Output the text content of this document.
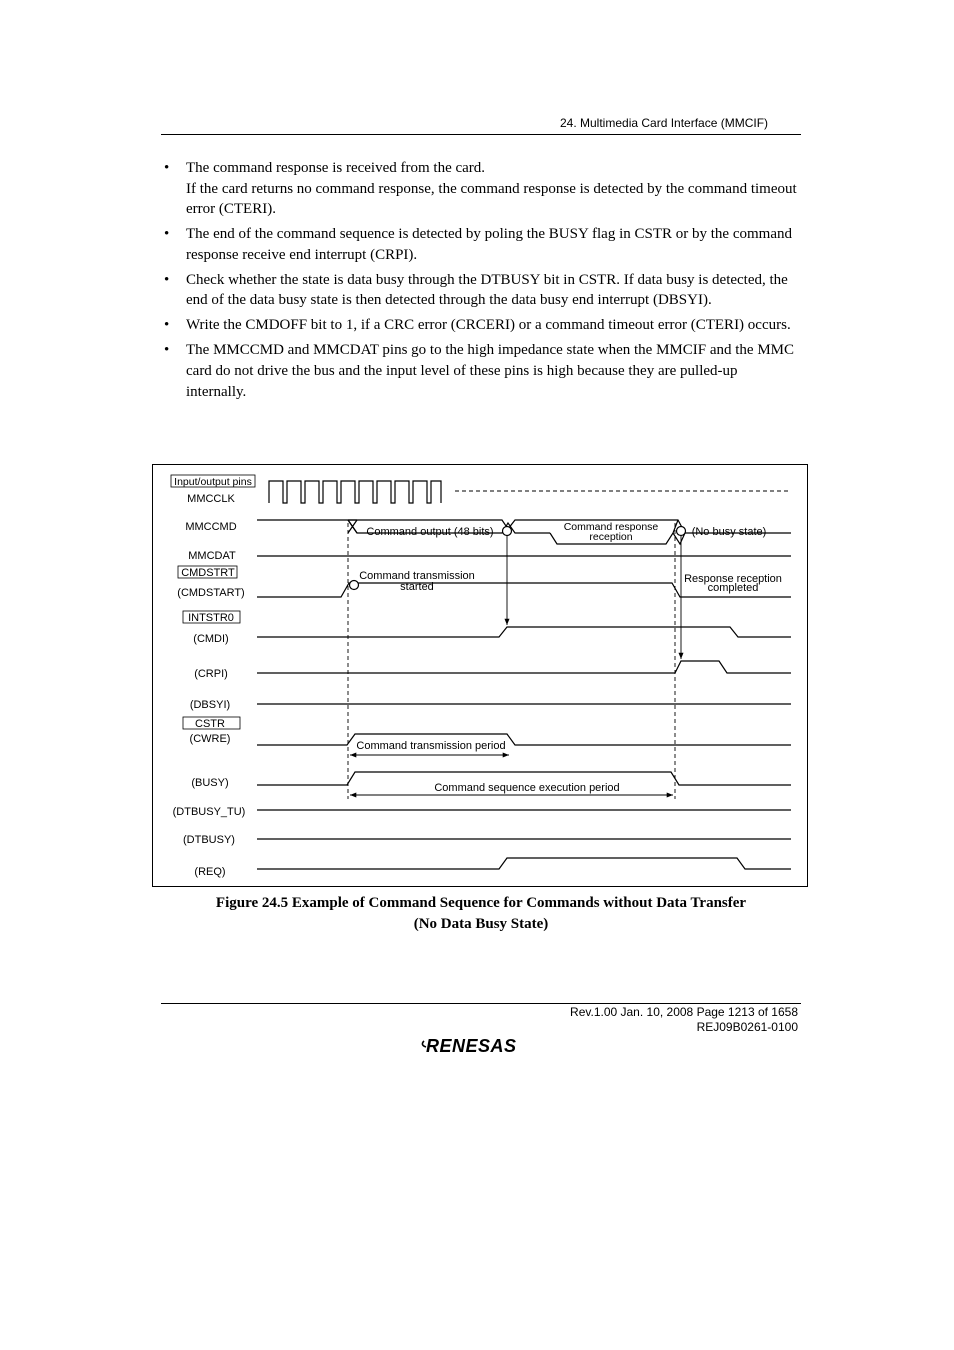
24. Multimedia Card Interface (MMCIF)
• The command response is received from the card.
If the card returns no command response, the command response is detected by the command timeout error (CTERI).
• The end of the command sequence is detected by poling the BUSY flag in CSTR or by the command response receive end interrupt (CRPI).
• Check whether the state is data busy through the DTBUSY bit in CSTR. If data busy is detected, the end of the data busy state is then detected through the data busy end interrupt (DBSYI).
• Write the CMDOFF bit to 1, if a CRC error (CRCERI) or a command timeout error (CTERI) occurs.
• The MMCCMD and MMCDAT pins go to the high impedance state when the MMCIF and the MMC card do not drive the bus and the input level of these pins is high because they are pulled-up internally.
Input/output pins
MMCCLK
MMCCMD
MMCDAT
CMDSTRT
(CMDSTART)
INTSTR0
(CMDI)
(CRPI)
(DBSYI)
CSTR
(CWRE)
(BUSY)
(DTBUSY_TU)
(DTBUSY)
(REQ)
Command output (48 bits)	Command response
reception	(No busy state)
Command transmission
started
Response reception
completed
Command transmission period
Command sequence execution period
Figure 24.5 Example of Command Sequence for Commands without Data Transfer
(No Data Busy State)
Rev.1.00 Jan. 10, 2008 Page 1213 of 1658
REJ09B0261-0100
RENESAS
